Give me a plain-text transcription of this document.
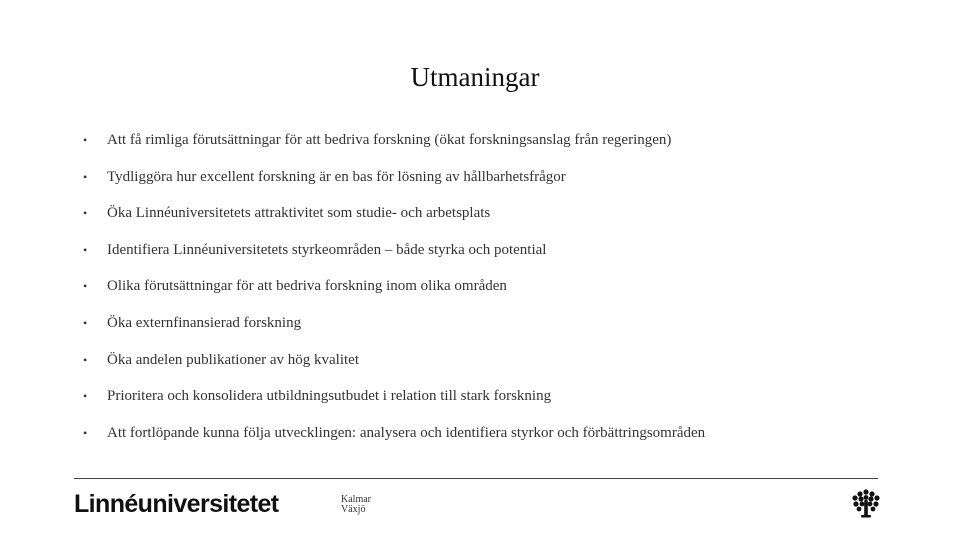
Utmaningar
•	Att få rimliga förutsättningar för att bedriva forskning (ökat forskningsanslag från regeringen)
•	Tydliggöra hur excellent forskning är en bas för lösning av hållbarhetsfrågor
•	Öka Linnéuniversitetets attraktivitet som studie- och arbetsplats
•	Identifiera Linnéuniversitetets styrkeområden – både styrka och potential
•	Olika förutsättningar för att bedriva forskning inom olika områden
•	Öka externfinansierad forskning
•	Öka andelen publikationer av hög kvalitet
•	Prioritera och konsolidera utbildningsutbudet i relation till stark forskning
•	Att fortlöpande kunna följa utvecklingen: analysera och identifiera styrkor och förbättringsområden
Linnéuniversitetet	Kalmar
Växjö
